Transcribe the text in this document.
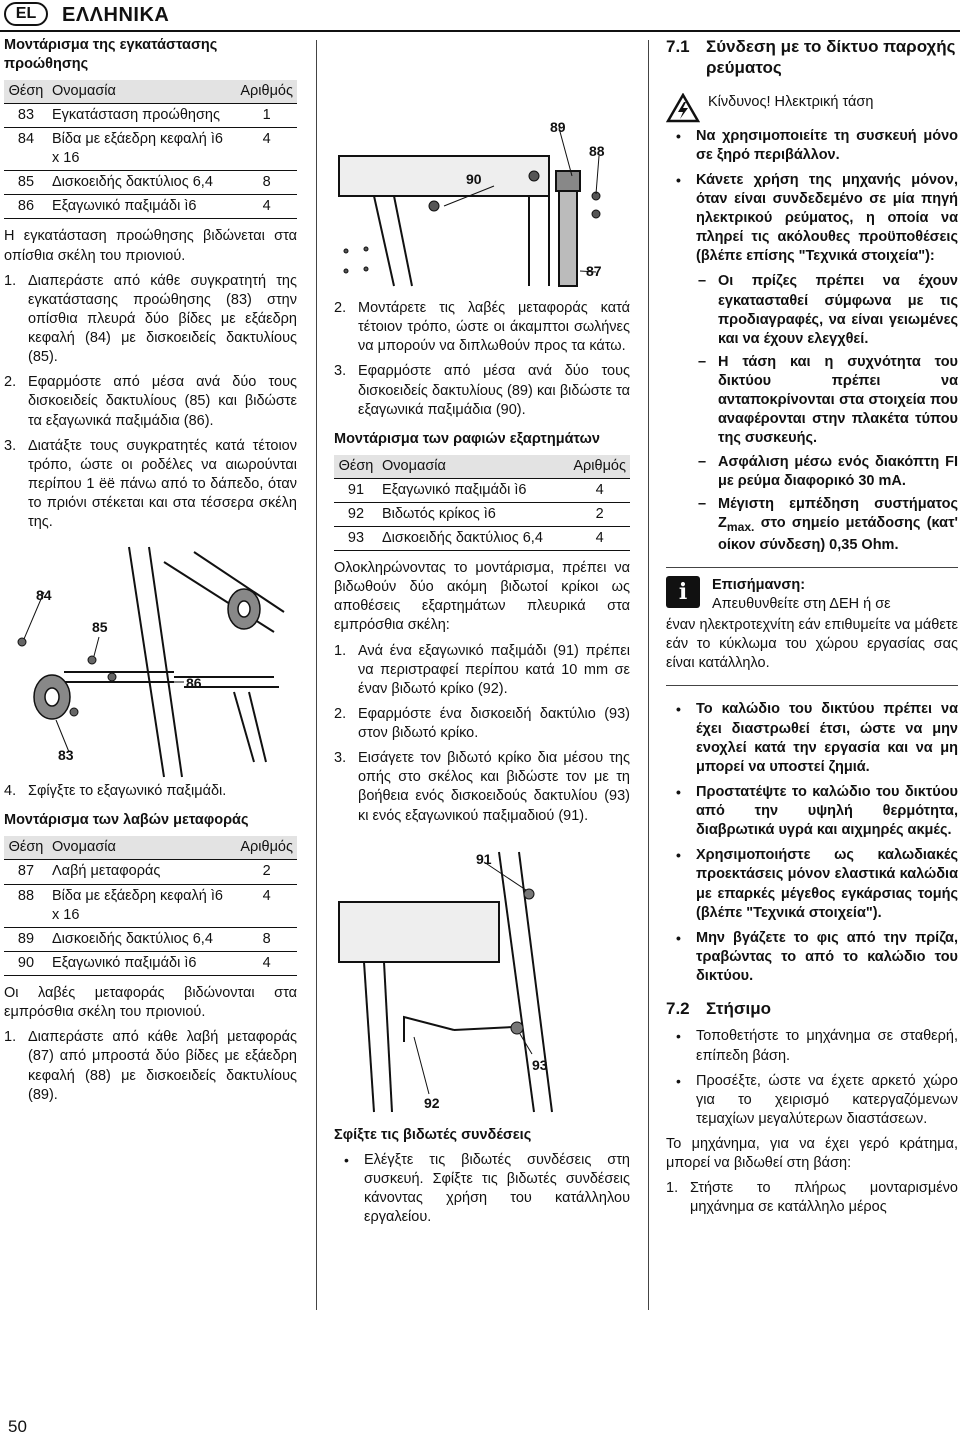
EL	ΕΛΛΗΝΙΚΑ
Μοντάρισμα της εγκατάστασης προώθησης
Θέση	Ονομασία	Αριθμός
83	Εγκατάσταση προώθησης	1
84	Βίδα με εξάεδρη κεφαλή ì6 x 16	4
85	Δισκοειδής δακτύλιος 6,4	8
86	Εξαγωνικό παξιμάδι ì6	4

Η εγκατάσταση προώθησης βιδώνεται στα οπίσθια σκέλη του πριονιού.

1. Διαπεράστε από κάθε συγκρατητή της εγκατάστασης προώθησης (83) στην οπίσθια πλευρά δύο βίδες με εξάεδρη κεφαλή (84) με δισκοειδείς δακτυλίους (85).
2. Εφαρμόστε από μέσα ανά δύο τους δισκοειδείς δακτυλίους (85) και βιδώστε τα εξαγωνικά παξιμάδια (86).
3. Διατάξτε τους συγκρατητές κατά τέτοιον τρόπο, ώστε οι ροδέλες να αιωρούνται περίπου 1 ëë πάνω από το δάπεδο, όταν το πριόνι στέκεται και στα τέσσερα σκέλη της.
84
85
86
83
4. Σφίγξτε το εξαγωνικό παξιμάδι.
Μοντάρισμα των λαβών μεταφοράς
Θέση	Ονομασία	Αριθμός
87	Λαβή μεταφοράς	2
88	Βίδα με εξάεδρη κεφαλή ì6 x 16	4
89	Δισκοειδής δακτύλιος 6,4	8
90	Εξαγωνικό παξιμάδι ì6	4

Οι λαβές μεταφοράς βιδώνονται στα εμπρόσθια σκέλη του πριονιού.

1. Διαπεράστε από κάθε λαβή μεταφοράς (87) από μπροστά δύο βίδες με εξάεδρη κεφαλή (88) με δισκοειδείς δακτυλίους (89).
89
88
90
87
2. Μοντάρετε τις λαβές μεταφοράς κατά τέτοιον τρόπο, ώστε οι άκαμπτοι σωλήνες να μπορούν να διπλωθούν προς τα κάτω.
3. Εφαρμόστε από μέσα ανά δύο τους δισκοειδείς δακτυλίους (89) και βιδώστε τα εξαγωνικά παξιμάδια (90).
Μοντάρισμα των ραφιών εξαρτημάτων
Θέση	Ονομασία	Αριθμός
91	Εξαγωνικό παξιμάδι ì6	4
92	Βιδωτός κρίκος ì6	2
93	Δισκοειδής δακτύλιος 6,4	4

Ολοκληρώνοντας το μοντάρισμα, πρέπει να βιδωθούν δύο ακόμη βιδωτοί κρίκοι ως αποθέσεις εξαρτημάτων πλευρικά στα εμπρόσθια σκέλη:

1. Ανά ένα εξαγωνικό παξιμάδι (91) πρέπει να περιστραφεί περίπου κατά 10 mm σε έναν βιδωτό κρίκο (92).
2. Εφαρμόστε ένα δισκοειδή δακτύλιο (93) στον βιδωτό κρίκο.
3. Εισάγετε τον βιδωτό κρίκο δια μέσου της οπής στο σκέλος και βιδώστε τον με τη βοήθεια ενός δισκοειδούς δακτυλίου (93) κι ενός εξαγωνικού παξιμαδιού (91).
91
93
92
Σφίξτε τις βιδωτές συνδέσεις
• Ελέγξτε τις βιδωτές συνδέσεις στη συσκευή. Σφίξτε τις βιδωτές συνδέσεις κάνοντας χρήση του κατάλληλου εργαλείου.
7.1 Σύνδεση με το δίκτυο παροχής ρεύματος
Κίνδυνος! Ηλεκτρική τάση
• Να χρησιμοποιείτε τη συσκευή μόνο σε ξηρό περιβάλλον.
• Κάνετε χρήση της μηχανής μόνον, όταν είναι συνδεδεμένο σε μία πηγή ηλεκτρικού ρεύματος, η οποία να πληρεί τις ακόλουθες προϋποθέσεις (βλέπε επίσης "Τεχνικά στοιχεία"):
– Οι πρίζες πρέπει να έχουν εγκατασταθεί σύμφωνα με τις προδιαγραφές, να είναι γειωμένες και να έχουν ελεγχθεί.
– Η τάση και η συχνότητα του δικτύου πρέπει να ανταποκρίνονται στα στοιχεία που αναφέρονται στην πλακέτα τύπου της συσκευής.
– Ασφάλιση μέσω ενός διακόπτη FI με ρεύμα διαφορικό 30 mA.
– Μέγιστη εμπέδηση συστήματος $Z_{max.}$ στο σημείο μετάδοσης (κατ' οίκον σύνδεση) 0,35 Ohm.
i	Επισήμανση:
Απευθυνθείτε στη ΔΕΗ ή σε

έναν ηλεκτροτεχνίτη εάν επιθυμείτε να μάθετε εάν το κύκλωμα του χώρου εργασίας σας είναι κατάλληλο.

• Το καλώδιο του δικτύου πρέπει να έχει διαστρωθεί έτσι, ώστε να μην ενοχλεί κατά την εργασία και να μη μπορεί να υποστεί ζημιά.
• Προστατέψτε το καλώδιο του δικτύου από την υψηλή θερμότητα, διαβρωτικά υγρά και αιχμηρές ακμές.
• Χρησιμοποιήστε ως καλωδιακές προεκτάσεις μόνον ελαστικά καλώδια με επαρκές μέγεθος εγκάρσιας τομής (βλέπε "Τεχνικά στοιχεία").
• Μην βγάζετε το φις από την πρίζα, τραβώντας το από το καλώδιο του δικτύου.
7.2 Στήσιμο
• Τοποθετήστε το μηχάνημα σε σταθερή, επίπεδη βάση.
• Προσέξτε, ώστε να έχετε αρκετό χώρο για το χειρισμό κατεργαζόμενων τεμαχίων μεγαλύτερων διαστάσεων.

Το μηχάνημα, για να έχει γερό κράτημα, μπορεί να βιδωθεί στη βάση:

1. Στήστε το πλήρως μονταρισμένο μηχάνημα σε κατάλληλο μέρος
50
